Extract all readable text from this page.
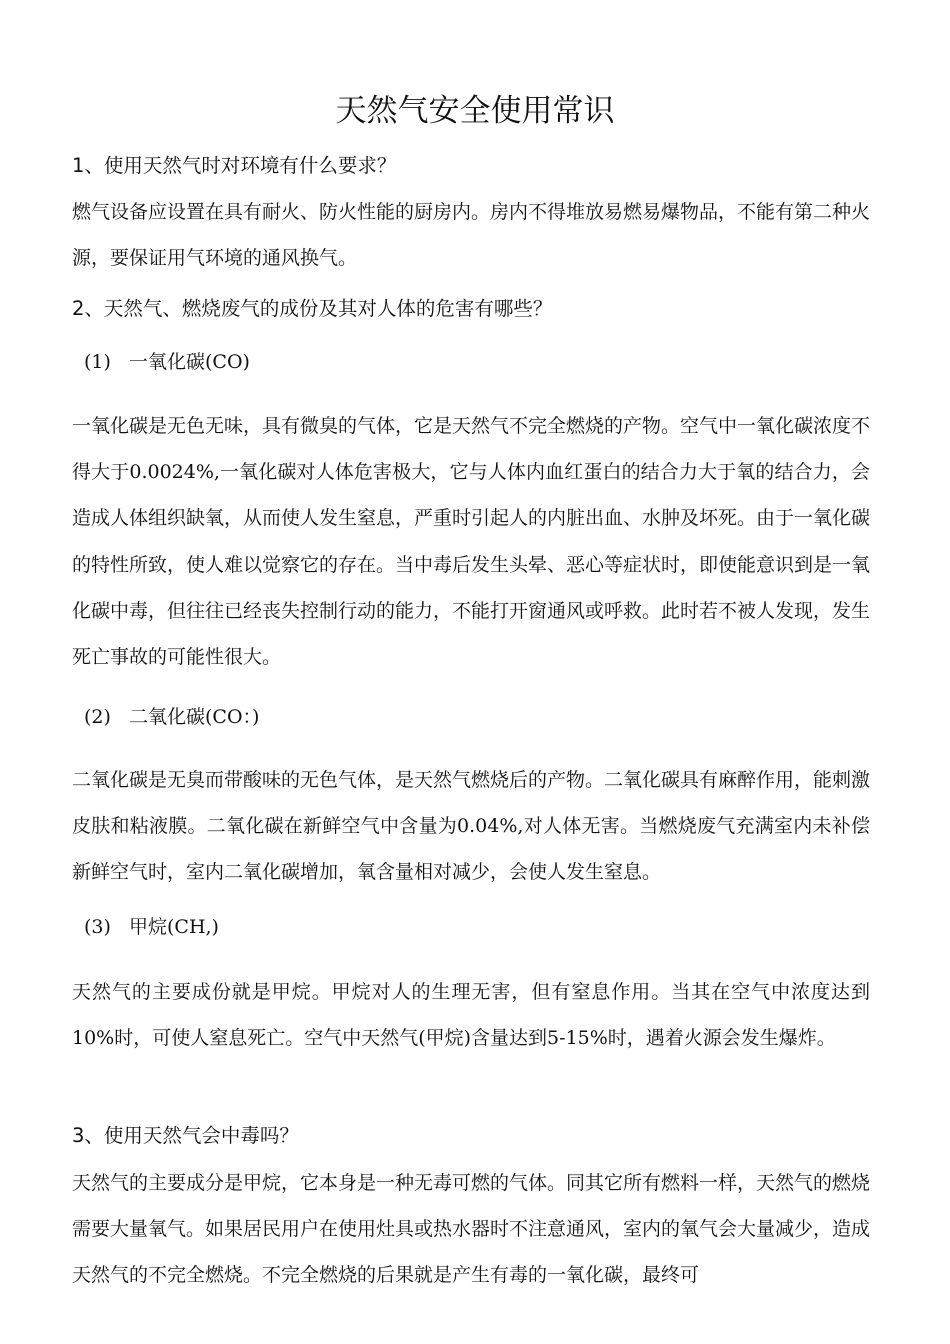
天然气安全使用常识
1、使用天然气时对环境有什么要求？

燃气设备应设置在具有耐火、防火性能的厨房内。房内不得堆放易燃易爆物品，不能有第二种火源，要保证用气环境的通风换气。

2、天然气、燃烧废气的成份及其对人体的危害有哪些？
(1) 一氧化碳(CO)

一氧化碳是无色无味，具有微臭的气体，它是天然气不完全燃烧的产物。空气中一氧化碳浓度不得大于0.0024%,一氧化碳对人体危害极大，它与人体内血红蛋白的结合力大于氧的结合力，会造成人体组织缺氧，从而使人发生窒息，严重时引起人的内脏出血、水肿及坏死。由于一氧化碳的特性所致，使人难以觉察它的存在。当中毒后发生头晕、恶心等症状时，即使能意识到是一氧化碳中毒，但往往已经丧失控制行动的能力，不能打开窗通风或呼救。此时若不被人发现，发生死亡事故的可能性很大。

(2) 二氧化碳(CO：)

二氧化碳是无臭而带酸味的无色气体，是天然气燃烧后的产物。二氧化碳具有麻醉作用，能刺激皮肤和粘液膜。二氧化碳在新鲜空气中含量为0.04%,对人体无害。当燃烧废气充满室内未补偿新鲜空气时，室内二氧化碳增加，氧含量相对减少，会使人发生窒息。

(3) 甲烷(CH,)

天然气的主要成份就是甲烷。甲烷对人的生理无害，但有窒息作用。当其在空气中浓度达到10%时，可使人窒息死亡。空气中天然气(甲烷)含量达到5-15%时，遇着火源会发生爆炸。

3、使用天然气会中毒吗？

天然气的主要成分是甲烷，它本身是一种无毒可燃的气体。同其它所有燃料一样，天然气的燃烧需要大量氧气。如果居民用户在使用灶具或热水器时不注意通风，室内的氧气会大量减少，造成天然气的不完全燃烧。不完全燃烧的后果就是产生有毒的一氧化碳，最终可
